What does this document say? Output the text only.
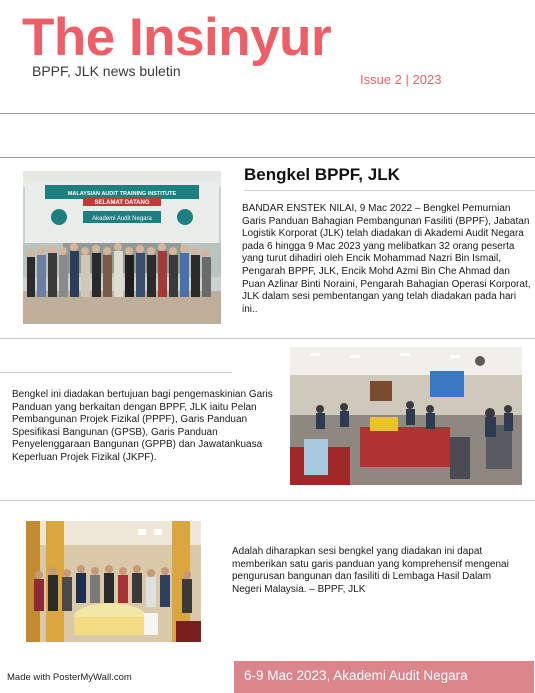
The Insinyur
BPPF, JLK news buletin
Issue 2 | 2023
MALAYSIAN AUDIT TRAINING INSTITUTE
SELAMAT DATANG
Akademi Audit Negara
Bengkel BPPF, JLK
BANDAR ENSTEK NILAI, 9 Mac 2022 – Bengkel Pemurnian Garis Panduan Bahagian Pembangunan Fasiliti (BPPF), Jabatan Logistik Korporat (JLK) telah diadakan di Akademi Audit Negara pada 6 hingga 9 Mac 2023 yang melibatkan 32 orang peserta yang turut dihadiri oleh Encik Mohammad Nazri Bin Ismail, Pengarah BPPF, JLK, Encik Mohd Azmi Bin Che Ahmad dan Puan Azlinar Binti Noraini, Pengarah Bahagian Operasi Korporat, JLK dalam sesi pembentangan yang telah diadakan pada hari ini..
Bengkel ini diadakan bertujuan bagi pengemaskinian Garis Panduan yang berkaitan dengan BPPF, JLK iaitu Pelan Pembangunan Projek Fizikal (PPPF), Garis Panduan Spesifikasi Bangunan (GPSB), Garis Panduan Penyelenggaraan Bangunan (GPPB) dan Jawatankuasa Keperluan Projek Fizikal (JKPF).
Adalah diharapkan sesi bengkel yang diadakan ini dapat memberikan satu garis panduan yang komprehensif mengenai pengurusan bangunan dan fasiliti di Lembaga Hasil Dalam Negeri Malaysia. – BPPF, JLK
Made with PosterMyWall.com	6-9 Mac 2023, Akademi Audit Negara
